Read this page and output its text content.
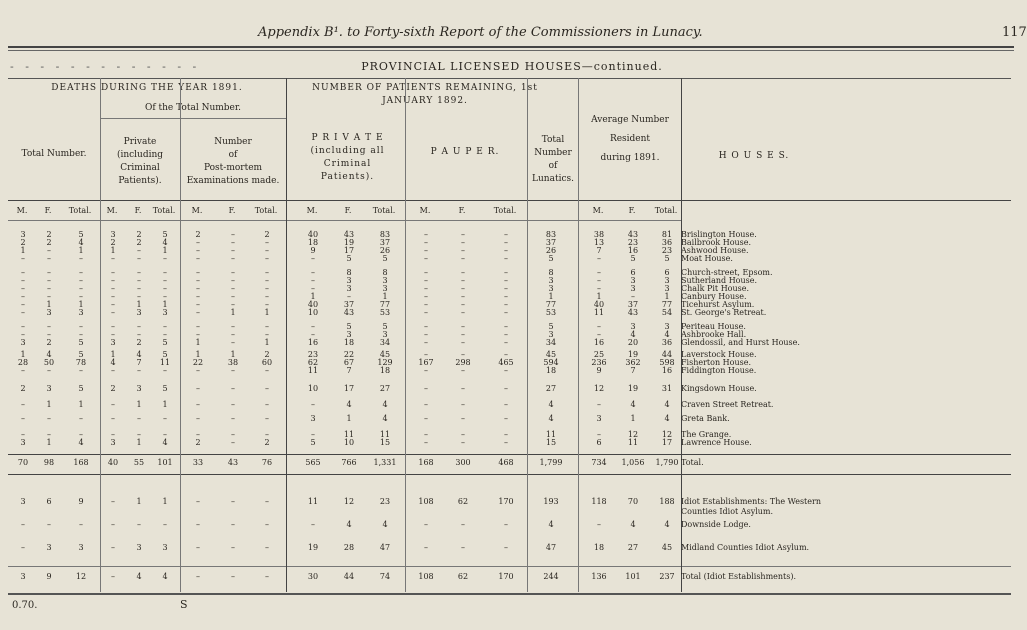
Appendix B¹. to Forty-sixth Report of the Commissioners in Lunacy.	117
- - - - - - - - - - - - -	PROVINCIAL LICENSED HOUSES—continued.
DEATHS DURING THE YEAR 1891.	NUMBER OF PATIENTS REMAINING, 1st JANUARY 1892.
Of the Total Number.
Total Number.
Private
(including Criminal
Patients).
Number
of
Post-mortem
Examinations made.
P R I V A T E
(including all Criminal
Patients).
P A U P E R.
Total
Number
of
Lunatics.
Average Number
Resident
during 1891.	H O U S E S.
M.	F.	Total.	M.	F.	Total.	M.	F.	Total.	M.	F.	Total.	M.	F.	Total.	M.	F.	Total.
3	2	5	3	2	5	2	–	2	40	43	83	–	–	–	83	38	43	81	Brislington House.
2	2	4	2	2	4	–	–	–	18	19	37	–	–	–	37	13	23	36	Bailbrook House.
1	–	1	1	–	1	–	–	–	9	17	26	–	–	–	26	7	16	23	Ashwood House.
–	–	–	–	–	–	–	–	–	–	5	5	–	–	–	5	–	5	5	Moat House.
–	–	–	–	–	–	–	–	–	–	8	8	–	–	–	8	–	6	6	Church-street, Epsom.
–	–	–	–	–	–	–	–	–	–	3	3	–	–	–	3	–	3	3	Sutherland House.
–	–	–	–	–	–	–	–	–	–	3	3	–	–	–	3	–	3	3	Chalk Pit House.
–	–	–	–	–	–	–	–	–	1	–	1	–	–	–	1	1	–	1	Canbury House.
–	1	1	–	1	1	–	–	–	40	37	77	–	–	–	77	40	37	77	Ticehurst Asylum.
–	3	3	–	3	3	–	1	1	10	43	53	–	–	–	53	11	43	54	St. George's Retreat.
–	–	–	–	–	–	–	–	–	–	5	5	–	–	–	5	–	3	3	Periteau House.
–	–	–	–	–	–	–	–	–	–	3	3	–	–	–	3	–	4	4	Ashbrooke Hall.
3	2	5	3	2	5	1	–	1	16	18	34	–	–	–	34	16	20	36	Glendossil, and Hurst House.
1	4	5	1	4	5	1	1	2	23	22	45	–	–	–	45	25	19	44	Laverstock House.
28	50	78	4	7	11	22	38	60	62	67	129	167	298	465	594	236	362	598 Fisherton House.
–	–	–	–	–	–	–	–	–	11	7	18	–	–	–	18	9	7	16	Fiddington House.
2	3	5	2	3	5	–	–	–	10	17	27	–	–	–	27	12	19	31	Kingsdown House.
–	1	1	–	1	1	–	–	–	–	4	4	–	–	–	4	–	4	4	Craven Street Retreat.
–	–	–	–	–	–	–	–	–	3	1	4	–	–	–	4	3	1	4	Greta Bank.
–	–	–	–	–	–	–	–	–	–	11	11	–	–	–	11	–	12	12	The Grange.
3	1	4	3	1	4	2	–	2	5	10	15	–	–	–	15	6	11	17	Lawrence House.
70	98	168	40	55	101	33	43	76	565	766	1,331	168	300	468	1,799	734	1,056	1,790 Total.
3	6	9	–	1	1	–	–	–	11	12	23	108	62	170	193	118	70	188 Idiot Establishments: The Western Counties Idiot Asylum.
–	–	–	–	–	–	–	–	–	–	4	4	–	–	–	4	–	4	4	Downside Lodge.
–	3	3	–	3	3	–	–	–	19	28	47	–	–	–	47	18	27	45	Midland Counties Idiot Asylum.
3	9	12	–	4	4	–	–	–	30	44	74	108	62	170	244	136	101	237 Total (Idiot Establishments).
0.70.	S
